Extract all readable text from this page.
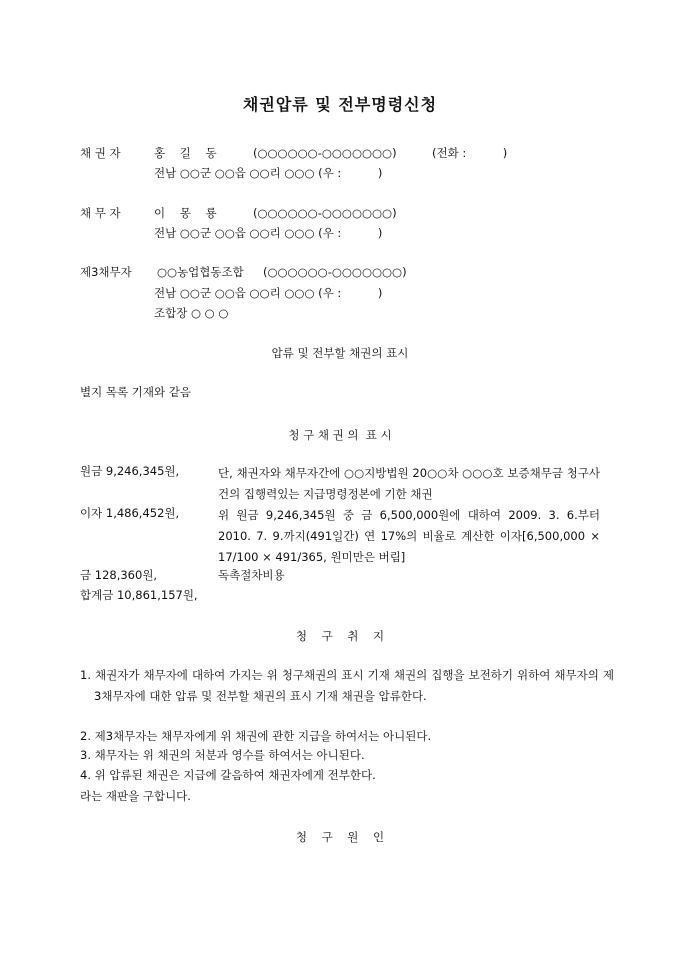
채권압류 및 전부명령신청
채 권 자	홍    길    동	(○○○○○○-○○○○○○○)	(전화 :          )
전남 ○○군 ○○읍 ○○리 ○○○ (우 :          )
채 무 자	이    몽    룡	(○○○○○○-○○○○○○○)
전남 ○○군 ○○읍 ○○리 ○○○ (우 :          )
제3채무자 ○○농업협동조합 (○○○○○○-○○○○○○○)
전남 ○○군 ○○읍 ○○리 ○○○ (우 :          )
조합장 ○ ○ ○
압류 및 전부할 채권의 표시
별지 목록 기재와 같음
청 구 채 권 의  표 시
원금 9,246,345원,	단, 채권자와 채무자간에 ○○지방법원 20○○차 ○○○호 보증채무금 청구사건의 집행력있는 지급명령정본에 기한 채권
이자 1,486,452원,	위 원금 9,246,345원 중 금 6,500,000원에 대하여 2009. 3. 6.부터 2010. 7. 9.까지(491일간) 연 17%의 비율로 계산한 이자[6,500,000 × 17/100 × 491/365, 원미만은 버림]
금 128,360원,	독촉절차비용
합계금 10,861,157원,
청    구    취    지
1. 채권자가 채무자에 대하여 가지는 위 청구채권의 표시 기재 채권의 집행을 보전하기 위하여 채무자의 제3채무자에 대한 압류 및 전부할 채권의 표시 기재 채권을 압류한다.
2. 제3채무자는 채무자에게 위 채권에 관한 지급을 하여서는 아니된다.
3. 채무자는 위 채권의 처분과 영수를 하여서는 아니된다.
4. 위 압류된 채권은 지급에 갈음하여 채권자에게 전부한다.
라는 재판을 구합니다.
청    구    원    인
